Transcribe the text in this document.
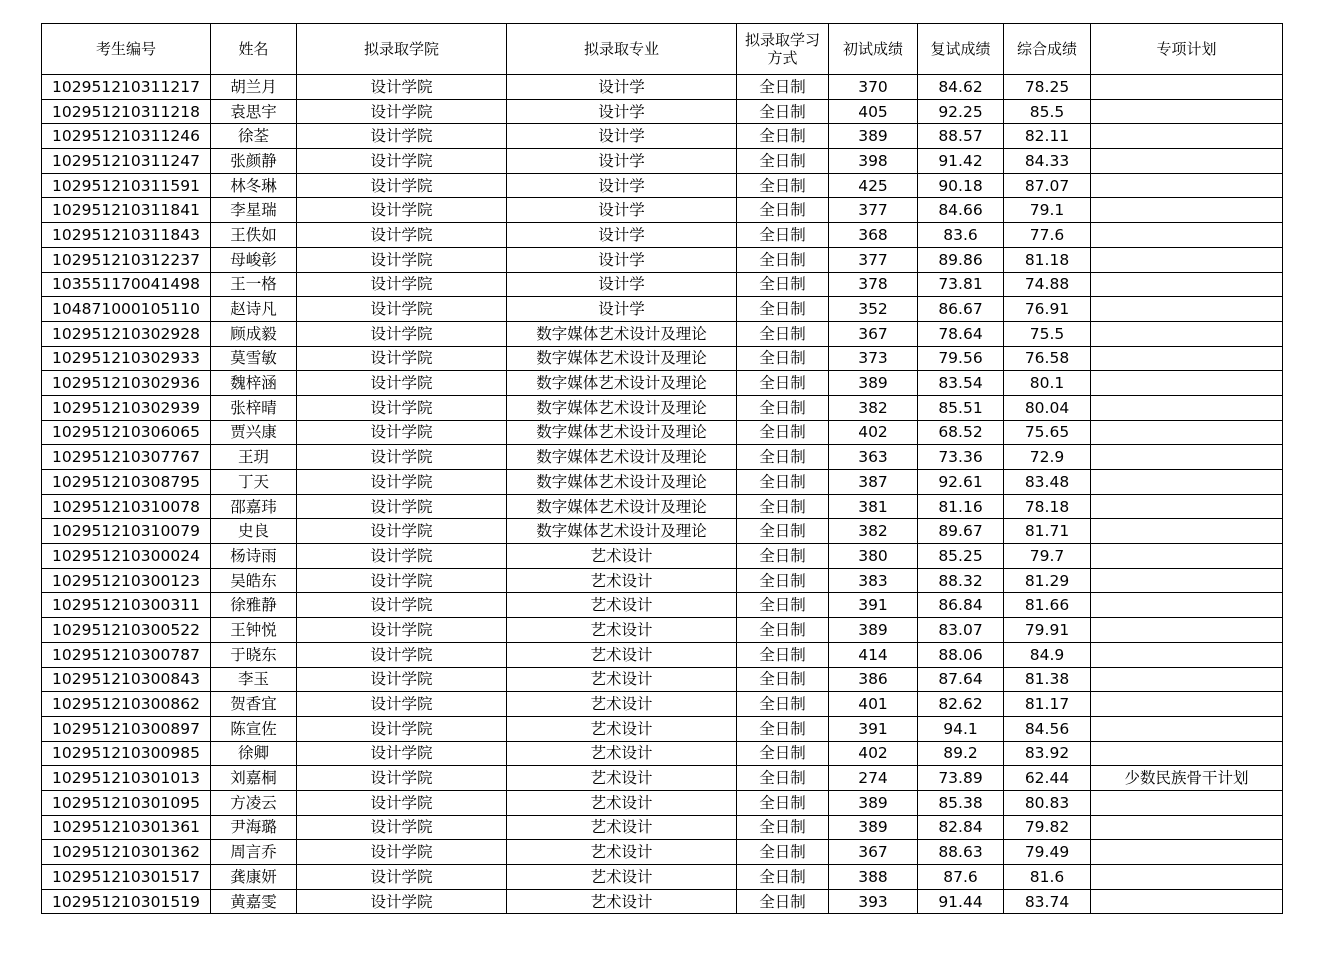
考生编号	姓名	拟录取学院	拟录取专业	拟录取学习方式	初试成绩	复试成绩	综合成绩	专项计划
102951210311217	胡兰月	设计学院	设计学	全日制	370	84.62	78.25	
102951210311218	袁思宇	设计学院	设计学	全日制	405	92.25	85.5	
102951210311246	徐荃	设计学院	设计学	全日制	389	88.57	82.11	
102951210311247	张颜静	设计学院	设计学	全日制	398	91.42	84.33	
102951210311591	林冬琳	设计学院	设计学	全日制	425	90.18	87.07	
102951210311841	李星瑞	设计学院	设计学	全日制	377	84.66	79.1	
102951210311843	王佚如	设计学院	设计学	全日制	368	83.6	77.6	
102951210312237	母峻彰	设计学院	设计学	全日制	377	89.86	81.18	
103551170041498	王一格	设计学院	设计学	全日制	378	73.81	74.88	
104871000105110	赵诗凡	设计学院	设计学	全日制	352	86.67	76.91	
102951210302928	顾成毅	设计学院	数字媒体艺术设计及理论	全日制	367	78.64	75.5	
102951210302933	莫雪敏	设计学院	数字媒体艺术设计及理论	全日制	373	79.56	76.58	
102951210302936	魏梓涵	设计学院	数字媒体艺术设计及理论	全日制	389	83.54	80.1	
102951210302939	张梓晴	设计学院	数字媒体艺术设计及理论	全日制	382	85.51	80.04	
102951210306065	贾兴康	设计学院	数字媒体艺术设计及理论	全日制	402	68.52	75.65	
102951210307767	王玥	设计学院	数字媒体艺术设计及理论	全日制	363	73.36	72.9	
102951210308795	丁天	设计学院	数字媒体艺术设计及理论	全日制	387	92.61	83.48	
102951210310078	邵嘉玮	设计学院	数字媒体艺术设计及理论	全日制	381	81.16	78.18	
102951210310079	史良	设计学院	数字媒体艺术设计及理论	全日制	382	89.67	81.71	
102951210300024	杨诗雨	设计学院	艺术设计	全日制	380	85.25	79.7	
102951210300123	吴皓东	设计学院	艺术设计	全日制	383	88.32	81.29	
102951210300311	徐雅静	设计学院	艺术设计	全日制	391	86.84	81.66	
102951210300522	王钟悦	设计学院	艺术设计	全日制	389	83.07	79.91	
102951210300787	于晓东	设计学院	艺术设计	全日制	414	88.06	84.9	
102951210300843	李玉	设计学院	艺术设计	全日制	386	87.64	81.38	
102951210300862	贺香宜	设计学院	艺术设计	全日制	401	82.62	81.17	
102951210300897	陈宣佐	设计学院	艺术设计	全日制	391	94.1	84.56	
102951210300985	徐卿	设计学院	艺术设计	全日制	402	89.2	83.92	
102951210301013	刘嘉桐	设计学院	艺术设计	全日制	274	73.89	62.44	少数民族骨干计划
102951210301095	方凌云	设计学院	艺术设计	全日制	389	85.38	80.83	
102951210301361	尹海璐	设计学院	艺术设计	全日制	389	82.84	79.82	
102951210301362	周言乔	设计学院	艺术设计	全日制	367	88.63	79.49	
102951210301517	龚康妍	设计学院	艺术设计	全日制	388	87.6	81.6	
102951210301519	黄嘉雯	设计学院	艺术设计	全日制	393	91.44	83.74	
